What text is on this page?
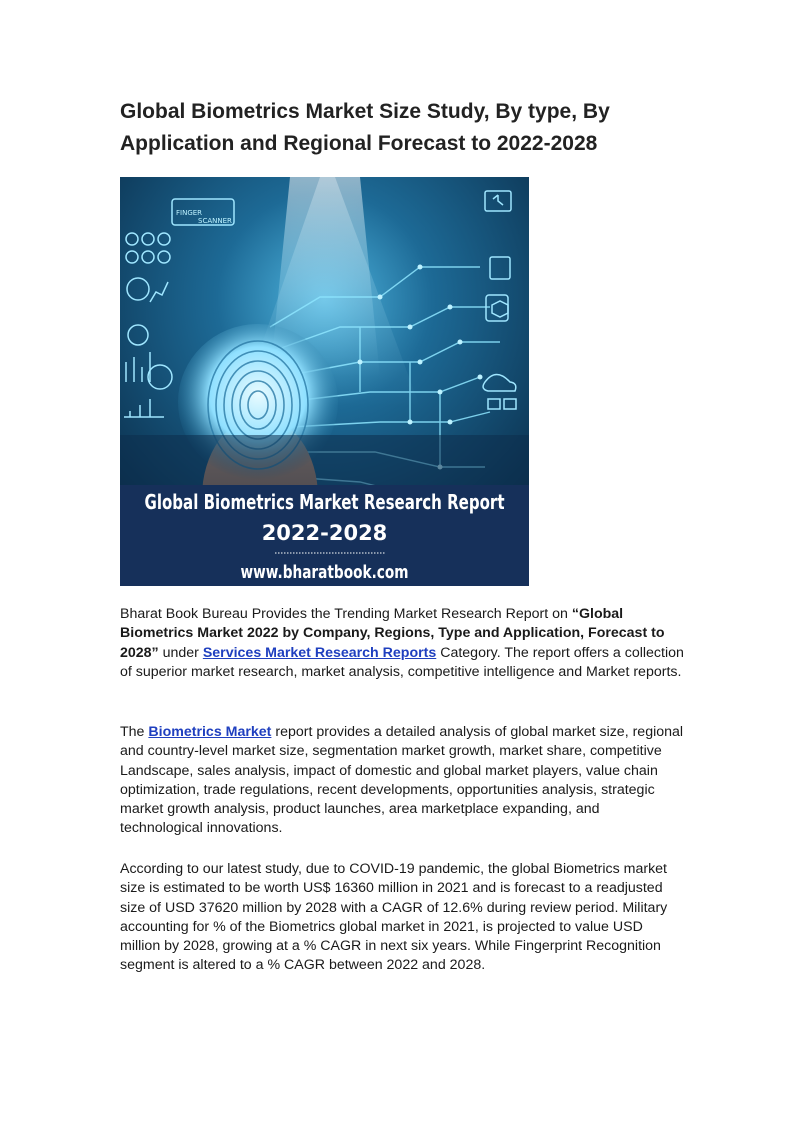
Global Biometrics Market Size Study, By type, By Application and Regional Forecast to 2022-2028
FINGER
SCANNER
Global Biometrics Market Research Report
2022-2028
www.bharatbook.com

Bharat Book Bureau Provides the Trending Market Research Report on “Global Biometrics Market 2022 by Company, Regions, Type and Application, Forecast to 2028” under Services Market Research Reports Category. The report offers a collection of superior market research, market analysis, competitive intelligence and Market reports.

The Biometrics Market report provides a detailed analysis of global market size, regional and country-level market size, segmentation market growth, market share, competitive Landscape, sales analysis, impact of domestic and global market players, value chain optimization, trade regulations, recent developments, opportunities analysis, strategic market growth analysis, product launches, area marketplace expanding, and technological innovations.

According to our latest study, due to COVID-19 pandemic, the global Biometrics market size is estimated to be worth US$ 16360 million in 2021 and is forecast to a readjusted size of USD 37620 million by 2028 with a CAGR of 12.6% during review period. Military accounting for % of the Biometrics global market in 2021, is projected to value USD million by 2028, growing at a % CAGR in next six years. While Fingerprint Recognition segment is altered to a % CAGR between 2022 and 2028.
